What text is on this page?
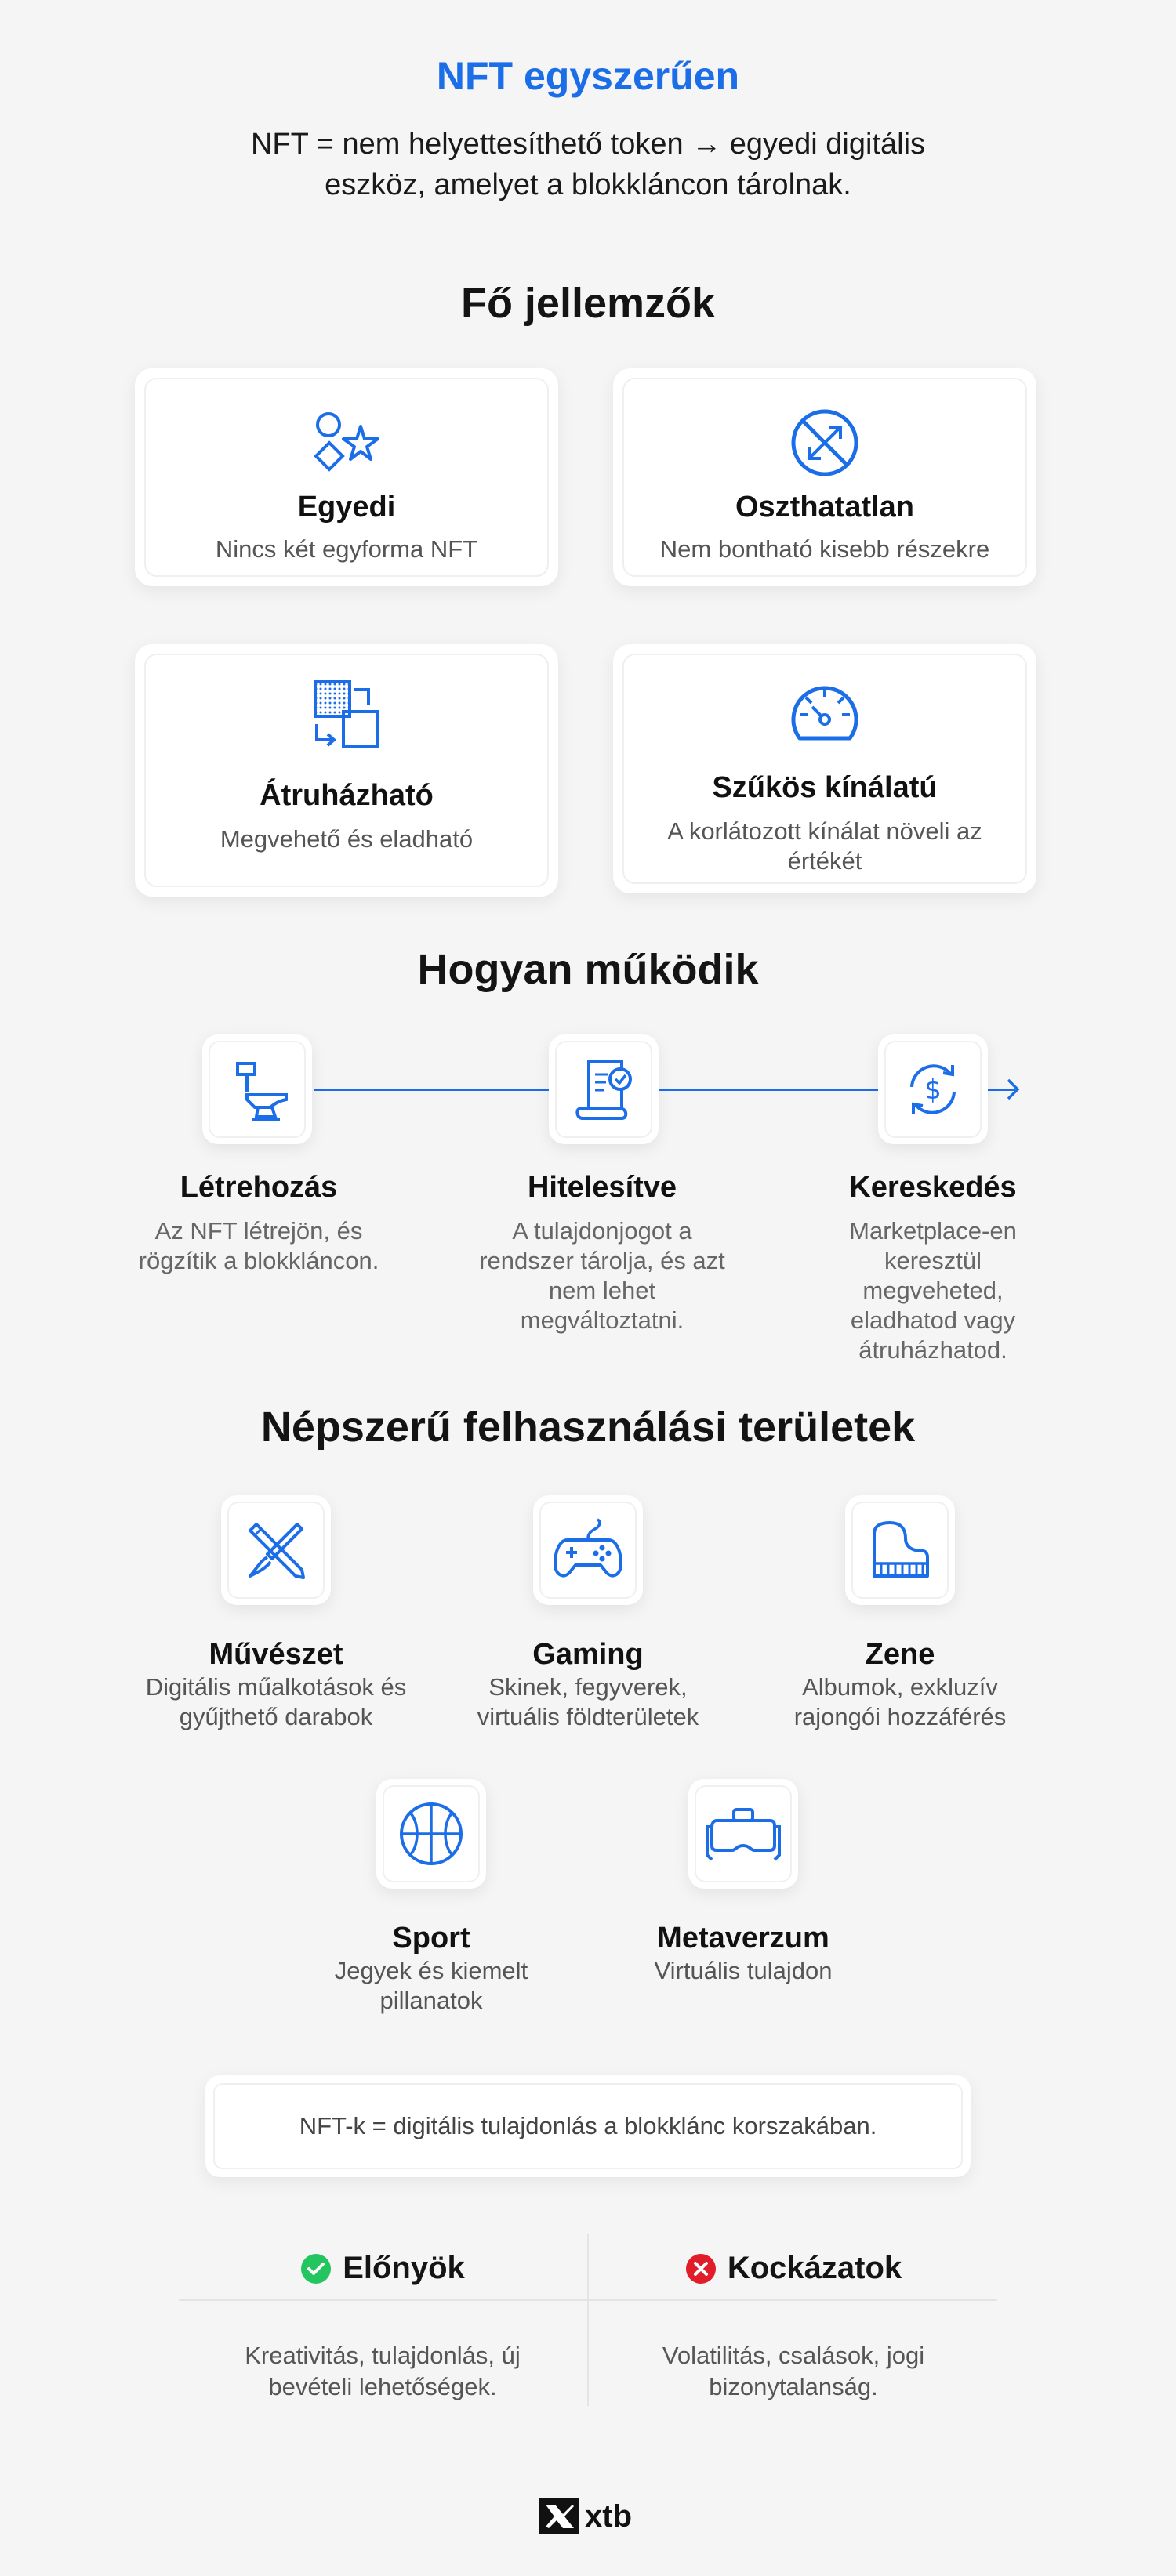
NFT egyszerűen
NFT = nem helyettesíthető token → egyedi digitális eszköz, amelyet a blokkláncon tárolnak.
Fő jellemzők
Egyedi
Nincs két egyforma NFT
Oszthatatlan
Nem bontható kisebb részekre
Átruházható
Megvehető és eladható
Szűkös kínálatú
A korlátozott kínálat növeli az értékét
Hogyan működik
$
Létrehozás
Az NFT létrejön, és rögzítik a blokkláncon.
Hitelesítve
A tulajdonjogot a rendszer tárolja, és azt nem lehet megváltoztatni.
Kereskedés
Marketplace-en keresztül megveheted, eladhatod vagy átruházhatod.
Népszerű felhasználási területek
Művészet
Digitális műalkotások és gyűjthető darabok
Gaming
Skinek, fegyverek, virtuális földterületek
Zene
Albumok, exkluzív rajongói hozzáférés
Sport
Jegyek és kiemelt pillanatok
Metaverzum
Virtuális tulajdon
NFT-k = digitális tulajdonlás a blokklánc korszakában.
Előnyök	Kockázatok
Kreativitás, tulajdonlás, új bevételi lehetőségek.
Volatilitás, csalások, jogi bizonytalanság.
xtb
